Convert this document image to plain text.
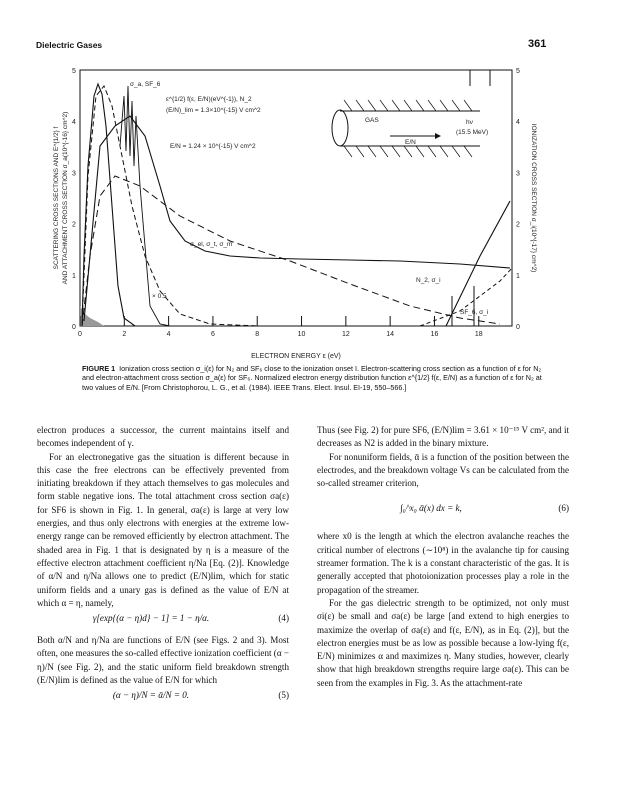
Dielectric Gases	361
0	2	4	6	8	10	12	14	16	18
0
1
2
3
4
5
0
1
2
3
4
5
σ_a, SF_6
ε^{1/2} f(ε, E/N)(eV^{-1}), N_2
(E/N)_lim = 1.3×10^{-15} V cm^2
E/N = 1.24 × 10^{-15} V cm^2
σ_el, σ_t, σ_m
N_2, σ_i
SF_6, σ_i
× 0.5
GAS	hν
(15.5 MeV)
E/N
ELECTRON ENERGY ε (eV)
SCATTERING CROSS SECTIONS AND E^{1/2} f AND ATTACHMENT CROSS SECTION σ_a(10^{-16} cm^2)	IONIZATION CROSS SECTION σ_i(10^{-17} cm^2)
FIGURE 1 Ionization cross section σ_i(ε) for N₂ and SF₆ close to the ionization onset I. Electron-scattering cross section as a function of ε for N₂ and electron-attachment cross section σ_a(ε) for SF₆. Normalized electron energy distribution function ε^{1/2} f(ε, E/N) as a function of ε for N₂ at two values of E/N. [From Christophorou, L. G., et al. (1984). IEEE Trans. Elect. Insul. EI-19, 550–566.]

electron produces a successor, the current maintains itself and becomes independent of γ.

For an electronegative gas the situation is different because in this case the free electrons can be effectively prevented from initiating breakdown if they attach themselves to gas molecules and form stable negative ions. The total attachment cross section σa(ε) for SF6 is shown in Fig. 1. In general, σa(ε) is large at very low energies, and thus only electrons with energies at the extreme low-energy range can be removed efficiently by electron attachment. The shaded area in Fig. 1 that is designated by η is a measure of the effective electron attachment coefficient η/Na [Eq. (2)]. Knowledge of α/N and η/Na allows one to predict (E/N)lim, which for static uniform fields and a unary gas is defined as the value of E/N at which α = η, namely,

γ[exp{(α − η)d} − 1] = 1 − η/α.	(4)

Both α/N and η/Na are functions of E/N (see Figs. 2 and 3). Most often, one measures the so-called effective ionization coefficient (α − η)/N (see Fig. 2), and the static uniform field breakdown strength (E/N)lim is defined as the value of E/N for which

(α − η)/N = ᾱ/N = 0.	(5)

Thus (see Fig. 2) for pure SF6, (E/N)lim = 3.61 × 10⁻¹⁵ V cm², and it decreases as N2 is added in the binary mixture.

For nonuniform fields, ᾱ is a function of the position between the electrodes, and the breakdown voltage Vs can be calculated from the so-called streamer criterion,

∫₀^x₀ ᾱ(x) dx = k,	(6)

where x0 is the length at which the electron avalanche reaches the critical number of electrons (∼10⁸) in the avalanche tip for causing streamer formation. The k is a constant characteristic of the gas. It is generally accepted that photoionization processes play a role in the propagation of the streamer.

For the gas dielectric strength to be optimized, not only must σi(ε) be small and σa(ε) be large [and extend to high energies to maximize the overlap of σa(ε) and f(ε, E/N), as in Eq. (2)], but the electron energies must be as low as possible because a low-lying f(ε, E/N) minimizes α and maximizes η. Many studies, however, clearly show that high breakdown strengths require large σa(ε). This can be seen from the examples in Fig. 3. As the attachment-rate
